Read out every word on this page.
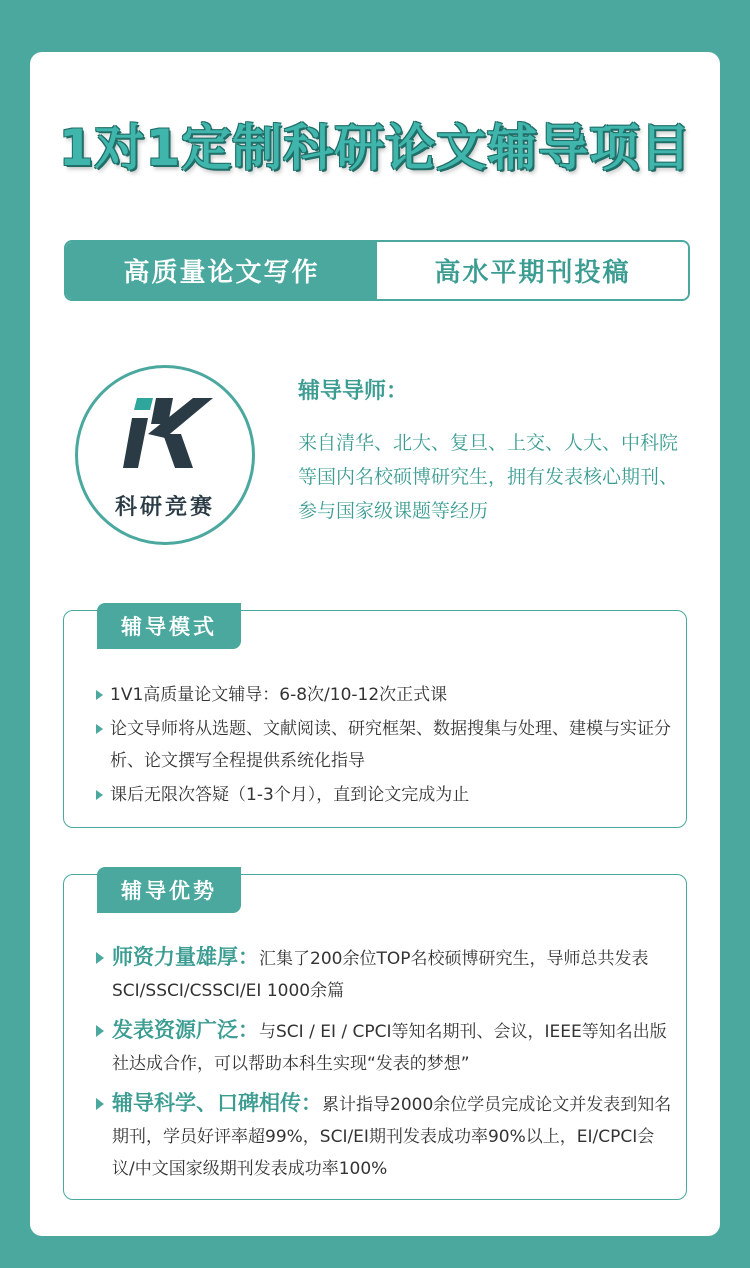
1对1定制科研论文辅导项目
高质量论文写作	高水平期刊投稿
科研竞赛
辅导导师：
来自清华、北大、复旦、上交、人大、中科院等国内名校硕博研究生，拥有发表核心期刊、参与国家级课题等经历
辅导模式
1V1高质量论文辅导：6-8次/10-12次正式课
论文导师将从选题、文献阅读、研究框架、数据搜集与处理、建模与实证分析、论文撰写全程提供系统化指导
课后无限次答疑（1-3个月），直到论文完成为止
辅导优势
师资力量雄厚：汇集了200余位TOP名校硕博研究生，导师总共发表SCI/SSCI/CSSCI/EI 1000余篇
发表资源广泛：与SCI / EI / CPCI等知名期刊、会议，IEEE等知名出版社达成合作，可以帮助本科生实现“发表的梦想”
辅导科学、口碑相传：累计指导2000余位学员完成论文并发表到知名期刊，学员好评率超99%，SCI/EI期刊发表成功率90%以上，EI/CPCI会议/中文国家级期刊发表成功率100%
